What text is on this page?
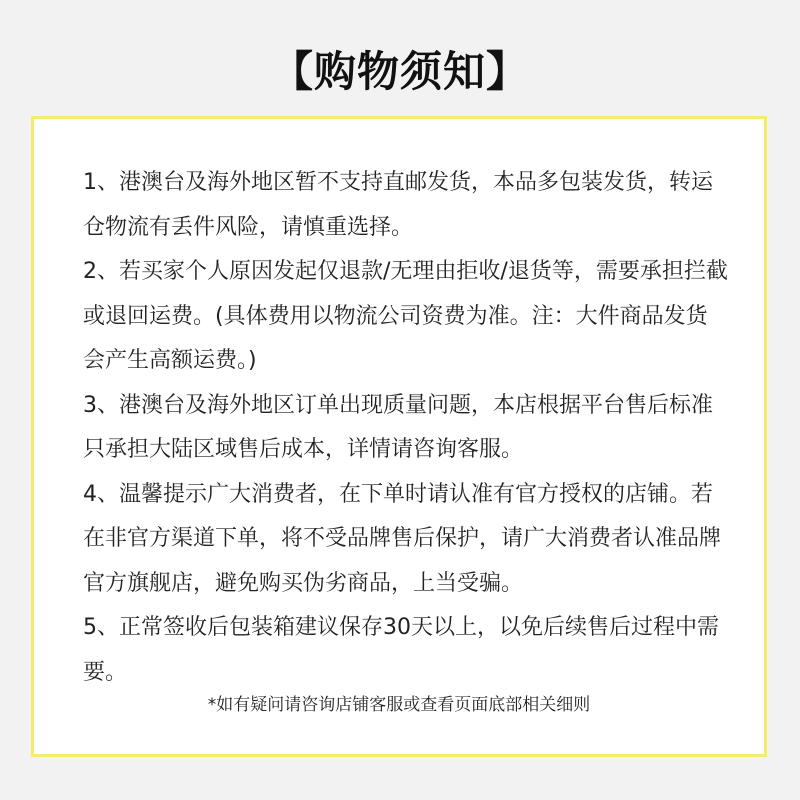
【购物须知】

1、港澳台及海外地区暂不支持直邮发货，本品多包装发货，转运仓物流有丢件风险，请慎重选择。

2、若买家个人原因发起仅退款/无理由拒收/退货等，需要承担拦截或退回运费。(具体费用以物流公司资费为准。注：大件商品发货会产生高额运费。)

3、港澳台及海外地区订单出现质量问题，本店根据平台售后标准只承担大陆区域售后成本，详情请咨询客服。

4、温馨提示广大消费者，在下单时请认准有官方授权的店铺。若在非官方渠道下单，将不受品牌售后保护，请广大消费者认准品牌官方旗舰店，避免购买伪劣商品，上当受骗。

5、正常签收后包装箱建议保存30天以上，以免后续售后过程中需要。

*如有疑问请咨询店铺客服或查看页面底部相关细则
